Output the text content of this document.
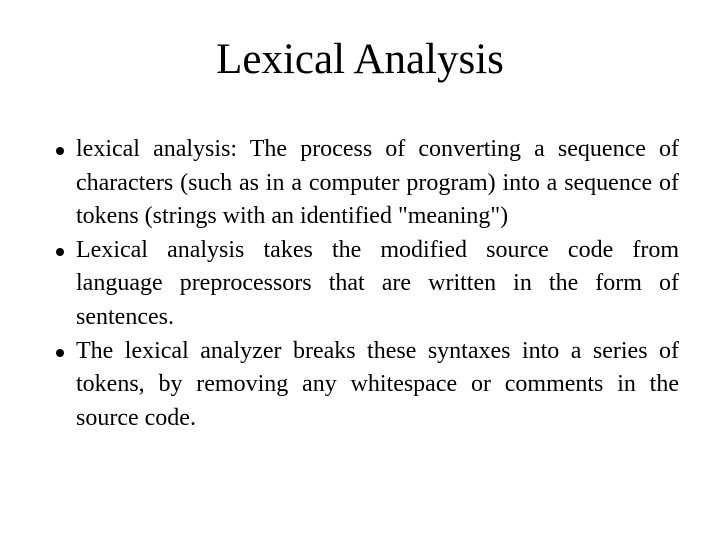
Lexical Analysis
lexical analysis: The process of converting a sequence of characters (such as in a computer program) into a sequence of tokens (strings with an identified "meaning")
Lexical analysis takes the modified source code from language preprocessors that are written in the form of sentences.
The lexical analyzer breaks these syntaxes into a series of tokens, by removing any whitespace or comments in the source code.
